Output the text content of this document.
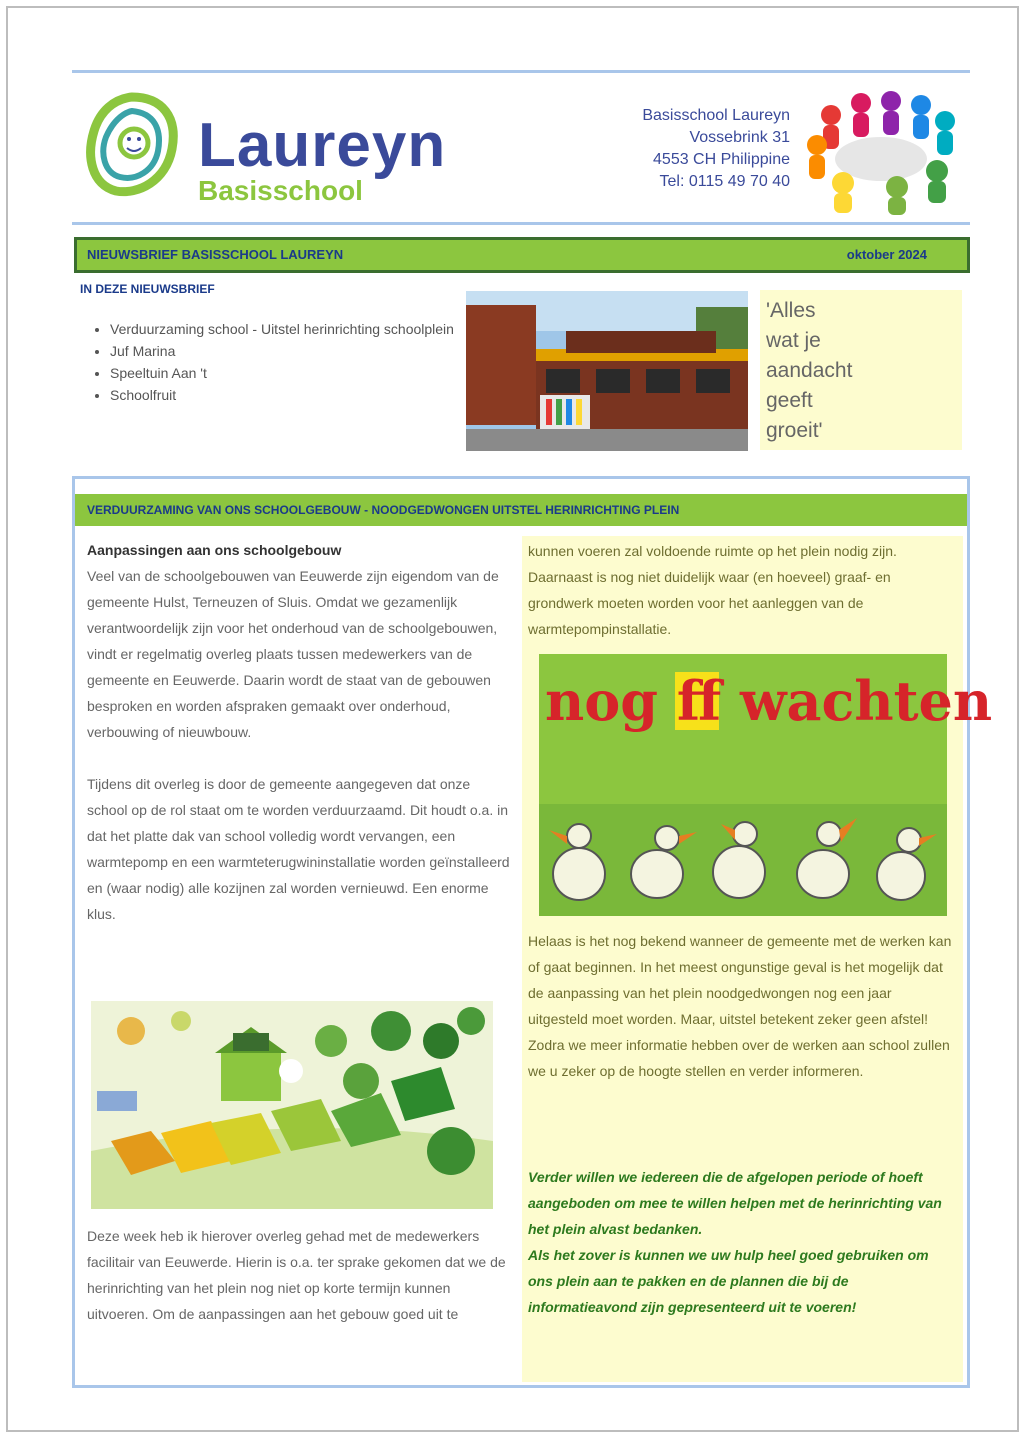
Laureyn
Basisschool
Basisschool Laureyn
Vossebrink 31
4553 CH Philippine
Tel: 0115 49 70 40
NIEUWSBRIEF BASISSCHOOL LAUREYN	oktober 2024
IN DEZE NIEUWSBRIEF
• Verduurzaming school - Uitstel herinrichting schoolplein
• Juf Marina
• Speeltuin Aan 't
• Schoolfruit
'Alles
wat je
aandacht
geeft
groeit'
VERDUURZAMING VAN ONS SCHOOLGEBOUW - NOODGEDWONGEN UITSTEL HERINRICHTING PLEIN
Aanpassingen aan ons schoolgebouw

Veel van de schoolgebouwen van Eeuwerde zijn eigendom van de gemeente Hulst, Terneuzen of Sluis. Omdat we gezamenlijk verantwoordelijk zijn voor het onderhoud van de schoolgebouwen, vindt er regelmatig overleg plaats tussen medewerkers van de gemeente en Eeuwerde. Daarin wordt de staat van de gebouwen besproken en worden afspraken gemaakt over onderhoud, verbouwing of nieuwbouw.

Tijdens dit overleg is door de gemeente aangegeven dat onze school op de rol staat om te worden verduurzaamd. Dit houdt o.a. in dat het platte dak van school volledig wordt vervangen, een warmtepomp en een warmteterugwininstallatie worden geïnstalleerd en (waar nodig) alle kozijnen zal worden vernieuwd. Een enorme klus.

Deze week heb ik hierover overleg gehad met de medewerkers facilitair van Eeuwerde. Hierin is o.a. ter sprake gekomen dat we de herinrichting van het plein nog niet op korte termijn kunnen uitvoeren. Om de aanpassingen aan het gebouw goed uit te

kunnen voeren zal voldoende ruimte op het plein nodig zijn. Daarnaast is nog niet duidelijk waar (en hoeveel) graaf- en grondwerk moeten worden voor het aanleggen van de warmtepompinstallatie.

nog ff wachten

Helaas is het nog bekend wanneer de gemeente met de werken kan of gaat beginnen. In het meest ongunstige geval is het mogelijk dat de aanpassing van het plein noodgedwongen nog een jaar uitgesteld moet worden. Maar, uitstel betekent zeker geen afstel!
Zodra we meer informatie hebben over de werken aan school zullen we u zeker op de hoogte stellen en verder informeren.

Verder willen we iedereen die de afgelopen periode of hoeft aangeboden om mee te willen helpen met de herinrichting van het plein alvast bedanken.
Als het zover is kunnen we uw hulp heel goed gebruiken om ons plein aan te pakken en de plannen die bij de informatieavond zijn gepresenteerd uit te voeren!
